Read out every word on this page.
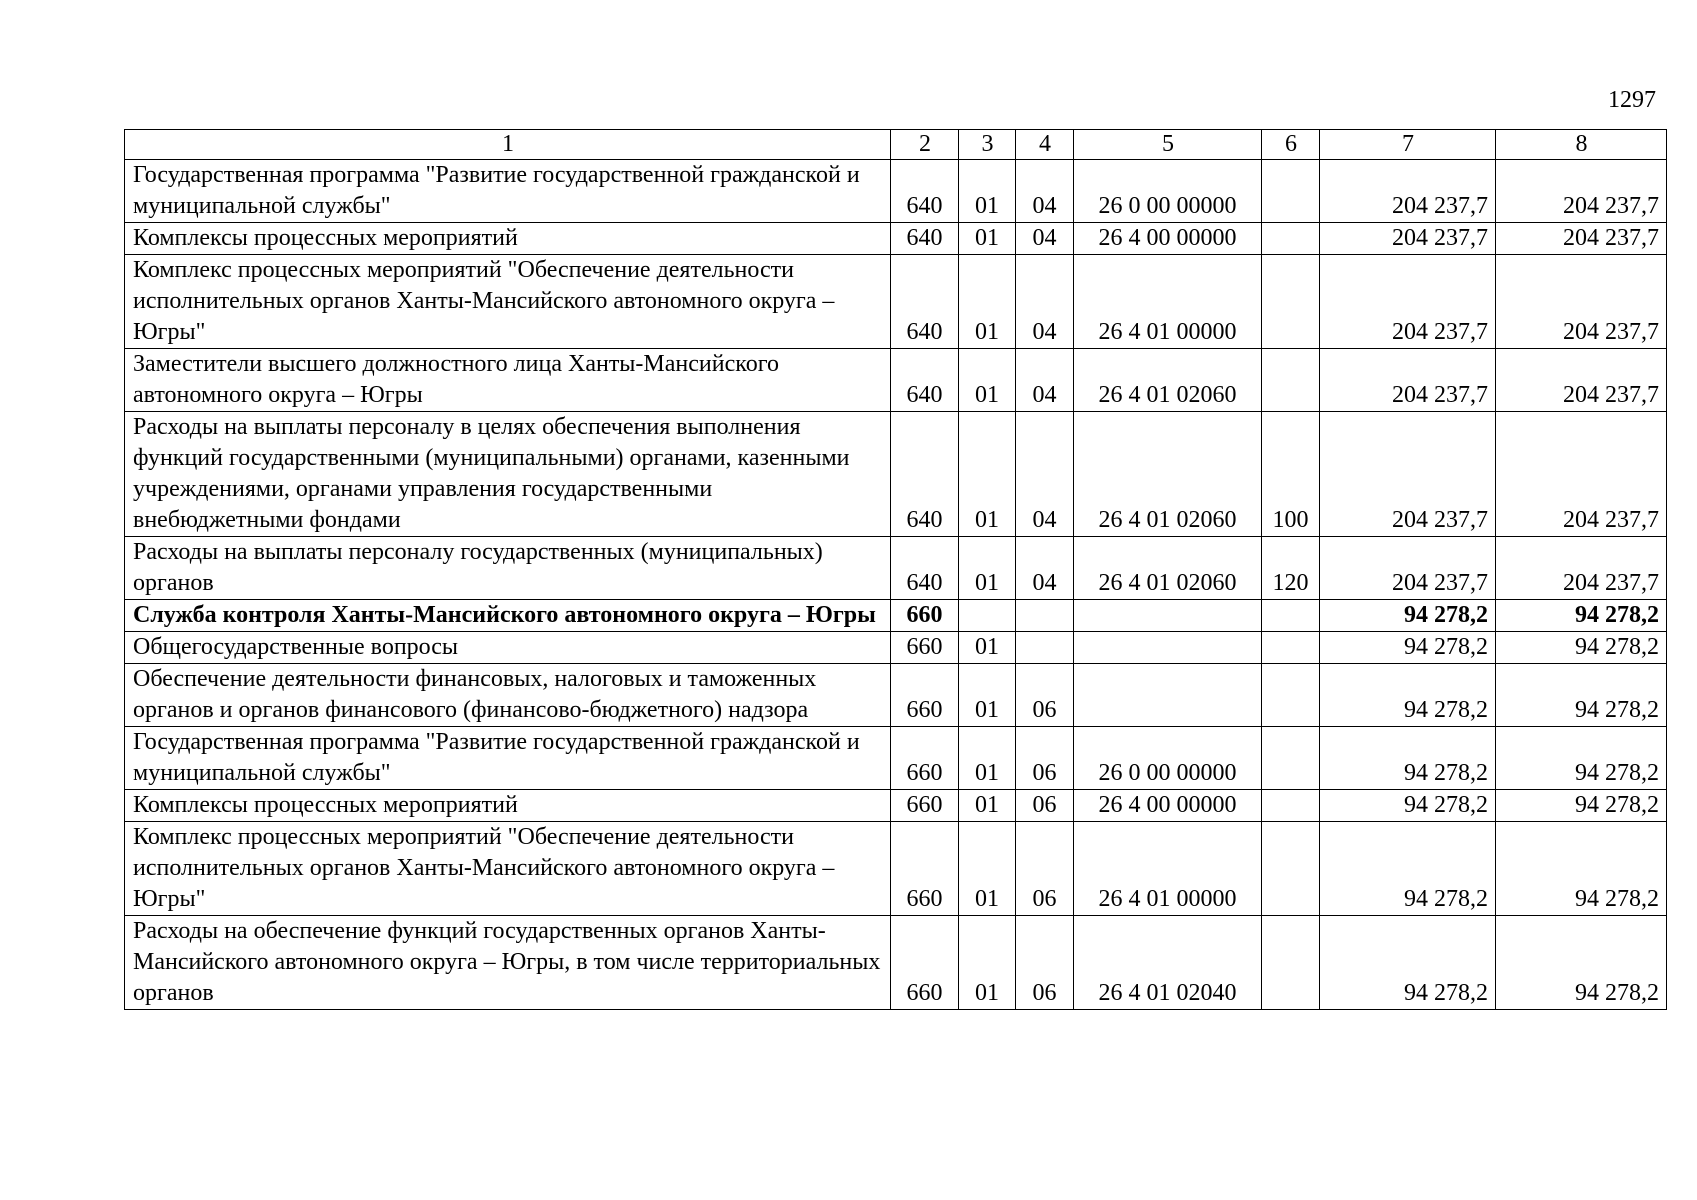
1297
1	2	3	4	5	6	7	8
Государственная программа "Развитие государственной гражданской и муниципальной службы"	640	01	04	26 0 00 00000		204 237,7	204 237,7
Комплексы процессных мероприятий	640	01	04	26 4 00 00000		204 237,7	204 237,7
Комплекс процессных мероприятий "Обеспечение деятельности исполнительных органов Ханты-Мансийского автономного округа – Югры"	640	01	04	26 4 01 00000		204 237,7	204 237,7
Заместители высшего должностного лица Ханты-Мансийского автономного округа – Югры	640	01	04	26 4 01 02060		204 237,7	204 237,7
Расходы на выплаты персоналу в целях обеспечения выполнения функций государственными (муниципальными) органами, казенными учреждениями, органами управления государственными внебюджетными фондами	640	01	04	26 4 01 02060	100	204 237,7	204 237,7
Расходы на выплаты персоналу государственных (муниципальных) органов	640	01	04	26 4 01 02060	120	204 237,7	204 237,7
Служба контроля Ханты-Мансийского автономного округа – Югры	660					94 278,2	94 278,2
Общегосударственные вопросы	660	01				94 278,2	94 278,2
Обеспечение деятельности финансовых, налоговых и таможенных органов и органов финансового (финансово-бюджетного) надзора	660	01	06			94 278,2	94 278,2
Государственная программа "Развитие государственной гражданской и муниципальной службы"	660	01	06	26 0 00 00000		94 278,2	94 278,2
Комплексы процессных мероприятий	660	01	06	26 4 00 00000		94 278,2	94 278,2
Комплекс процессных мероприятий "Обеспечение деятельности исполнительных органов Ханты-Мансийского автономного округа – Югры"	660	01	06	26 4 01 00000		94 278,2	94 278,2
Расходы на обеспечение функций государственных органов Ханты-Мансийского автономного округа – Югры, в том числе территориальных органов	660	01	06	26 4 01 02040		94 278,2	94 278,2
